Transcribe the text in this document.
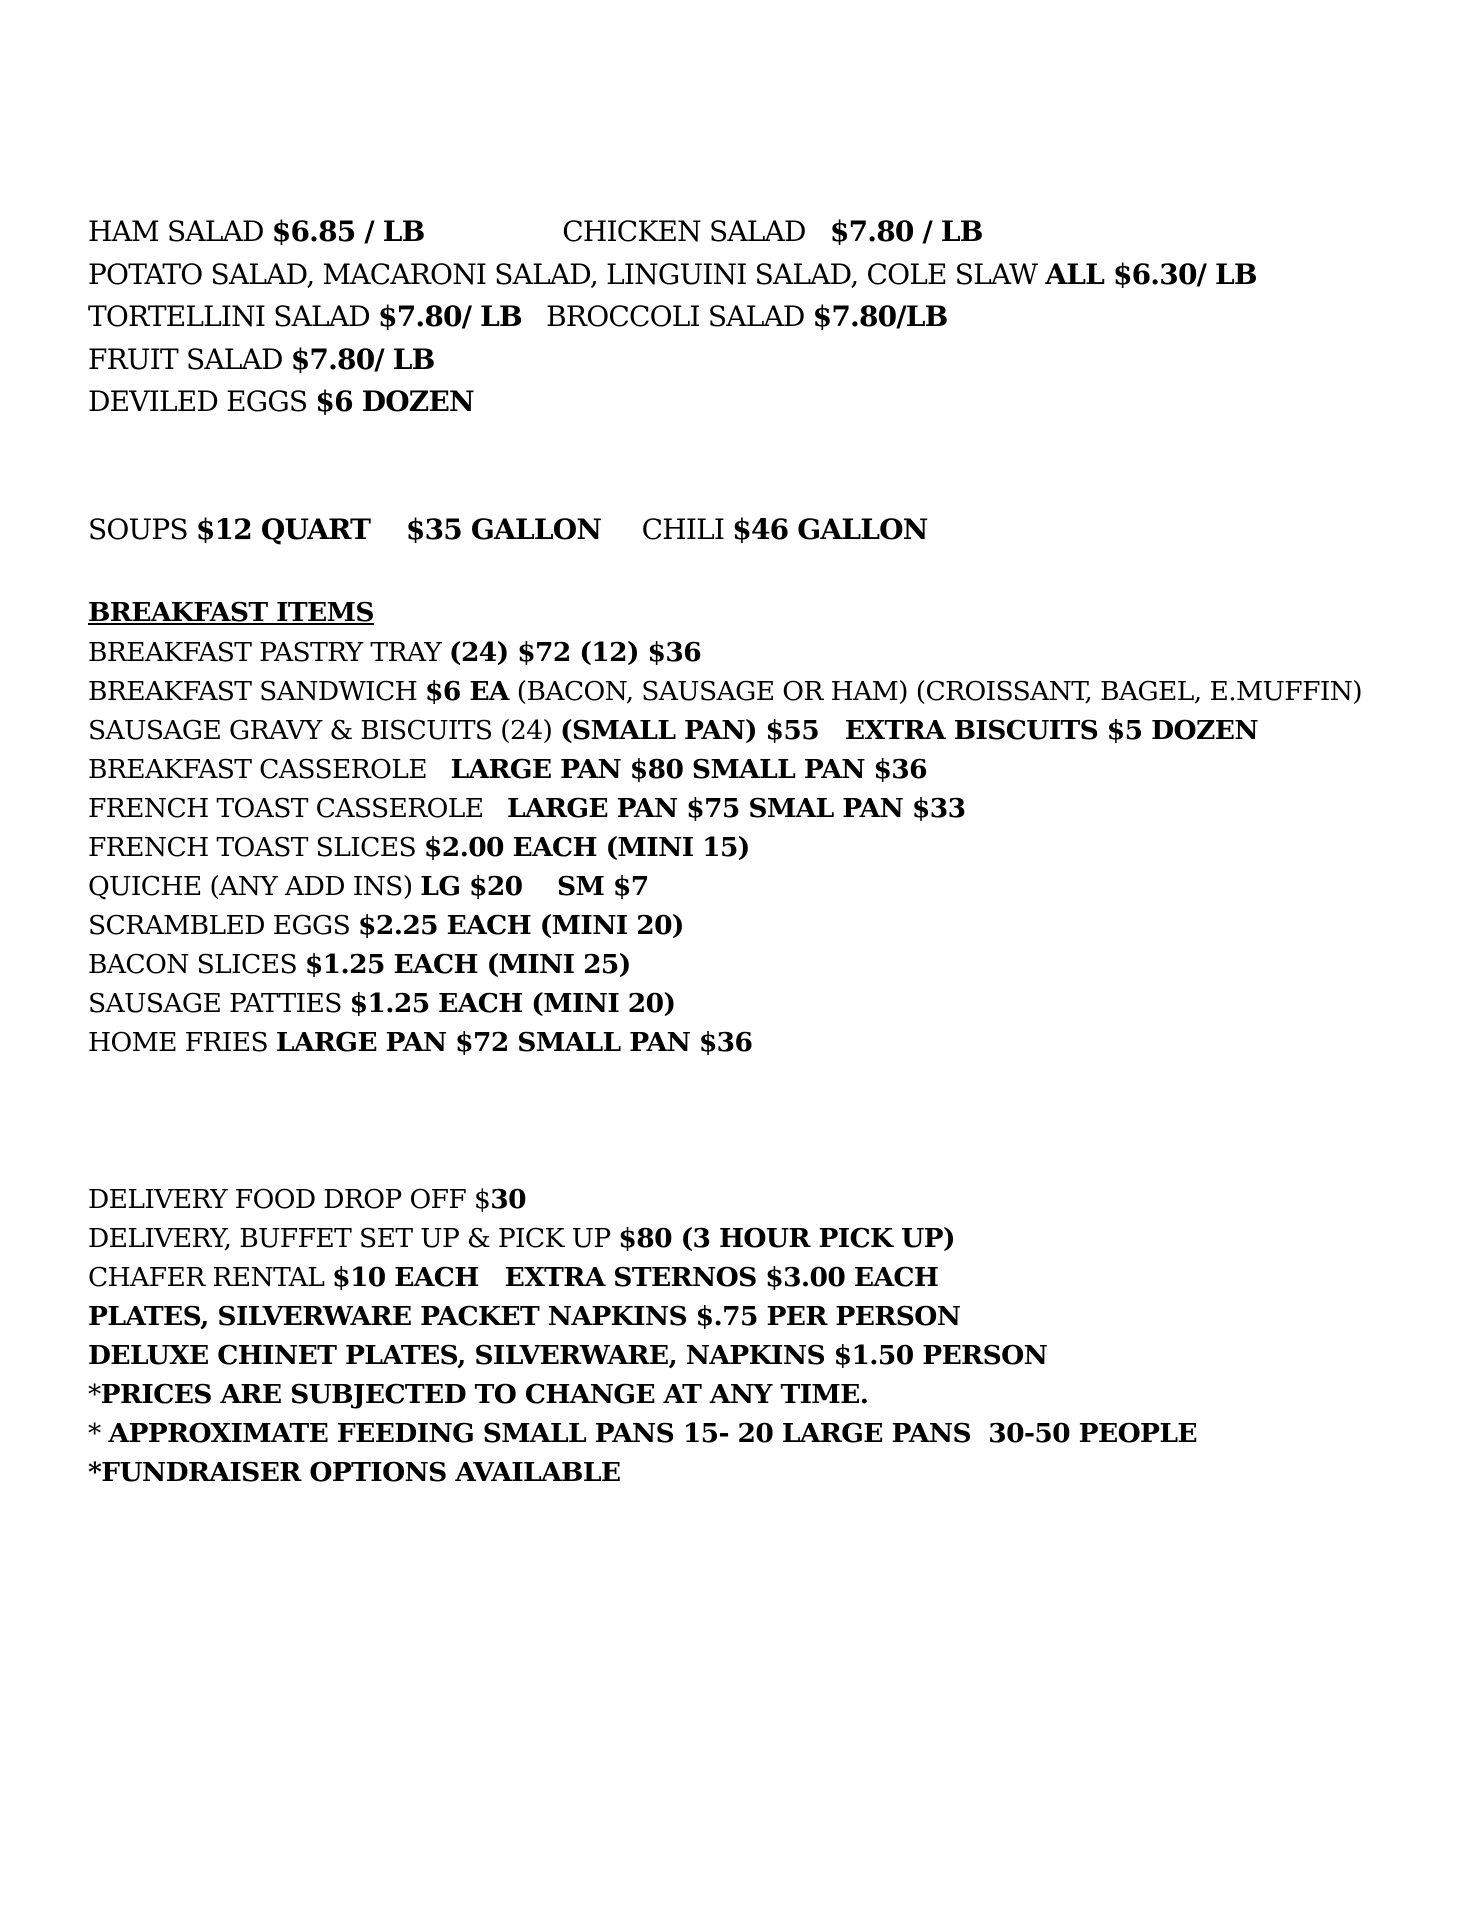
HAM SALAD $6.85 / LB                 CHICKEN SALAD   $7.80 / LB
POTATO SALAD, MACARONI SALAD, LINGUINI SALAD, COLE SLAW ALL $6.30/ LB
TORTELLINI SALAD $7.80/ LB   BROCCOLI SALAD $7.80/LB
FRUIT SALAD $7.80/ LB
DEVILED EGGS $6 DOZEN
SOUPS $12 QUART    $35 GALLON     CHILI $46 GALLON
BREAKFAST ITEMS
BREAKFAST PASTRY TRAY (24) $72 (12) $36
BREAKFAST SANDWICH $6 EA (BACON, SAUSAGE OR HAM) (CROISSANT, BAGEL, E.MUFFIN)
SAUSAGE GRAVY & BISCUITS (24) (SMALL PAN) $55   EXTRA BISCUITS $5 DOZEN
BREAKFAST CASSEROLE   LARGE PAN $80 SMALL PAN $36
FRENCH TOAST CASSEROLE   LARGE PAN $75 SMAL PAN $33
FRENCH TOAST SLICES $2.00 EACH (MINI 15)
QUICHE (ANY ADD INS) LG $20    SM $7
SCRAMBLED EGGS $2.25 EACH (MINI 20)
BACON SLICES $1.25 EACH (MINI 25)
SAUSAGE PATTIES $1.25 EACH (MINI 20)
HOME FRIES LARGE PAN $72 SMALL PAN $36
DELIVERY FOOD DROP OFF $30
DELIVERY, BUFFET SET UP & PICK UP $80 (3 HOUR PICK UP)
CHAFER RENTAL $10 EACH   EXTRA STERNOS $3.00 EACH
PLATES, SILVERWARE PACKET NAPKINS $.75 PER PERSON
DELUXE CHINET PLATES, SILVERWARE, NAPKINS $1.50 PERSON
*PRICES ARE SUBJECTED TO CHANGE AT ANY TIME.
* APPROXIMATE FEEDING SMALL PANS 15- 20 LARGE PANS  30-50 PEOPLE
*FUNDRAISER OPTIONS AVAILABLE
